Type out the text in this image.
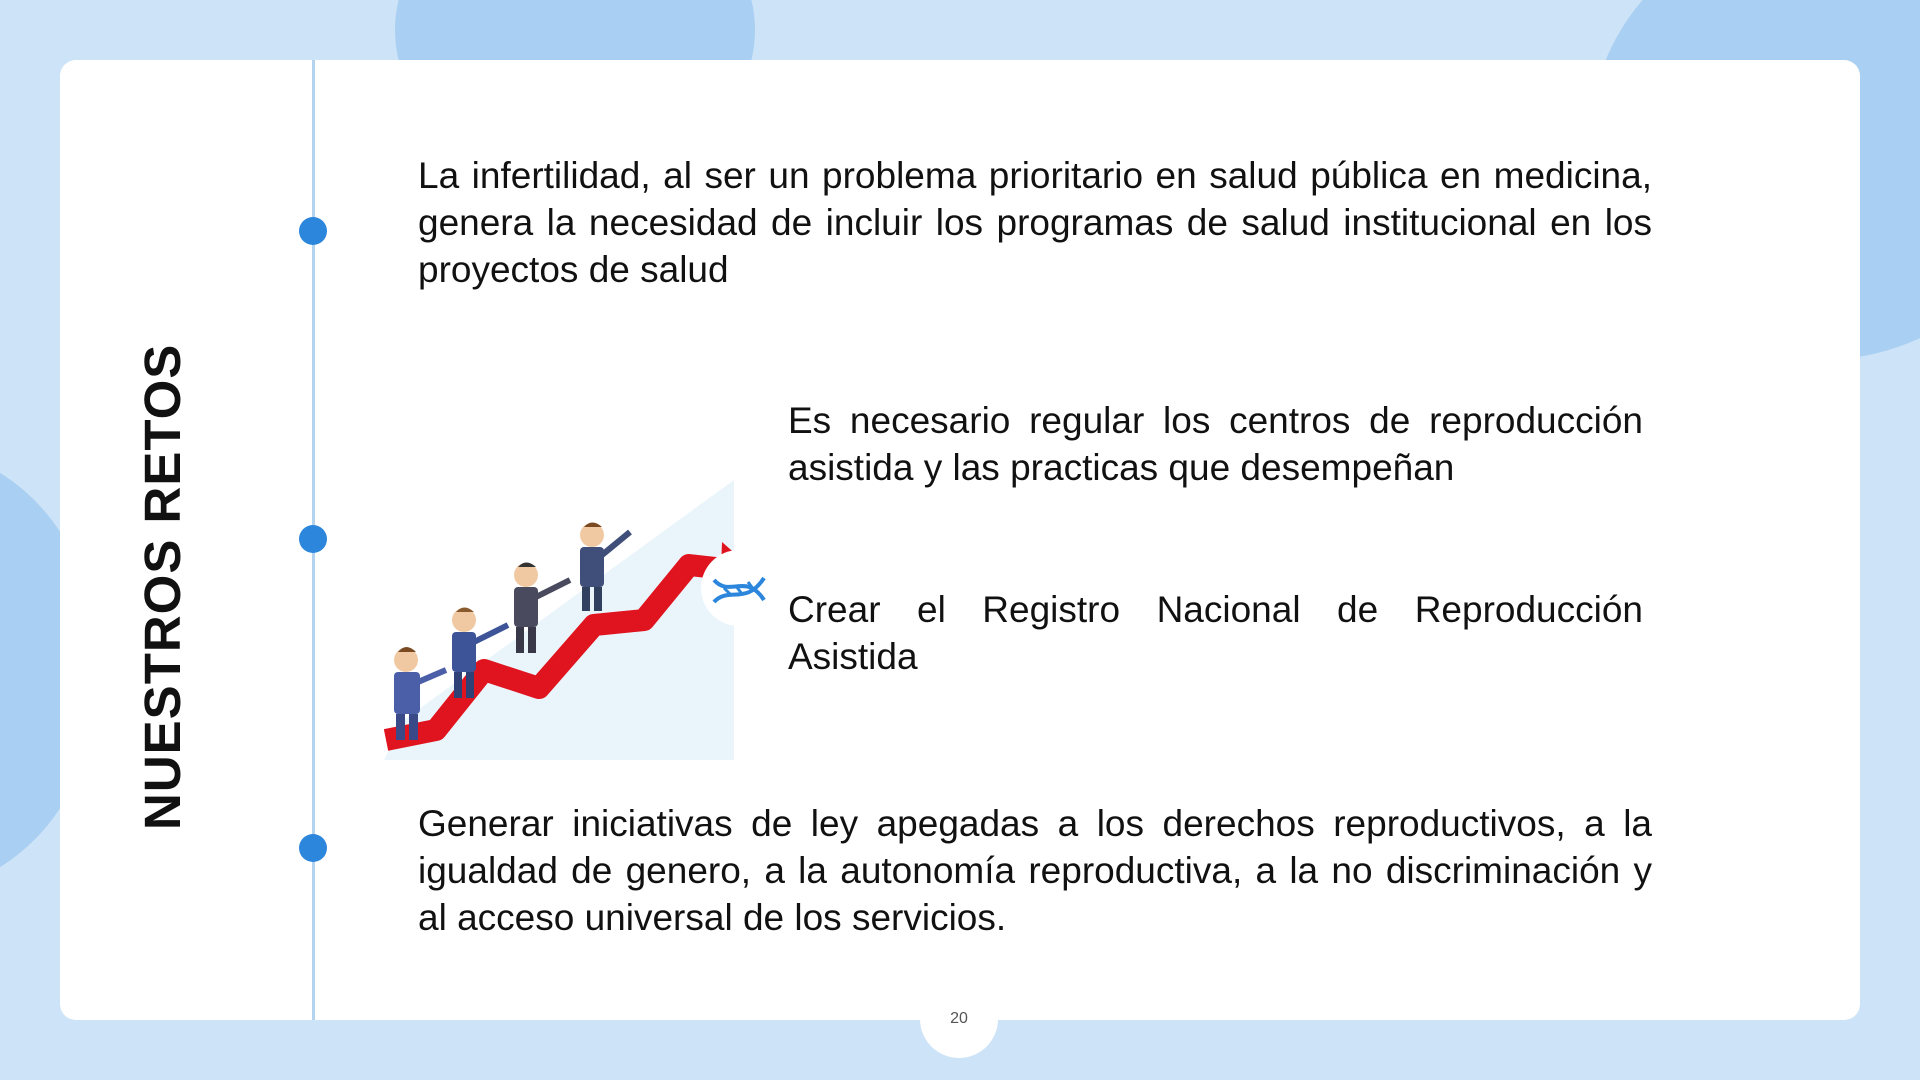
NUESTROS RETOS
La infertilidad, al ser un problema prioritario en salud pública en medicina, genera la necesidad de incluir los programas de salud institucional en los proyectos de salud
Es necesario regular los centros de reproducción asistida y las practicas que desempeñan
Crear el Registro Nacional de Reproducción Asistida
Generar iniciativas de ley apegadas a los derechos reproductivos, a la igualdad de genero, a la autonomía reproductiva, a la no discriminación y al acceso universal de los servicios.
20
